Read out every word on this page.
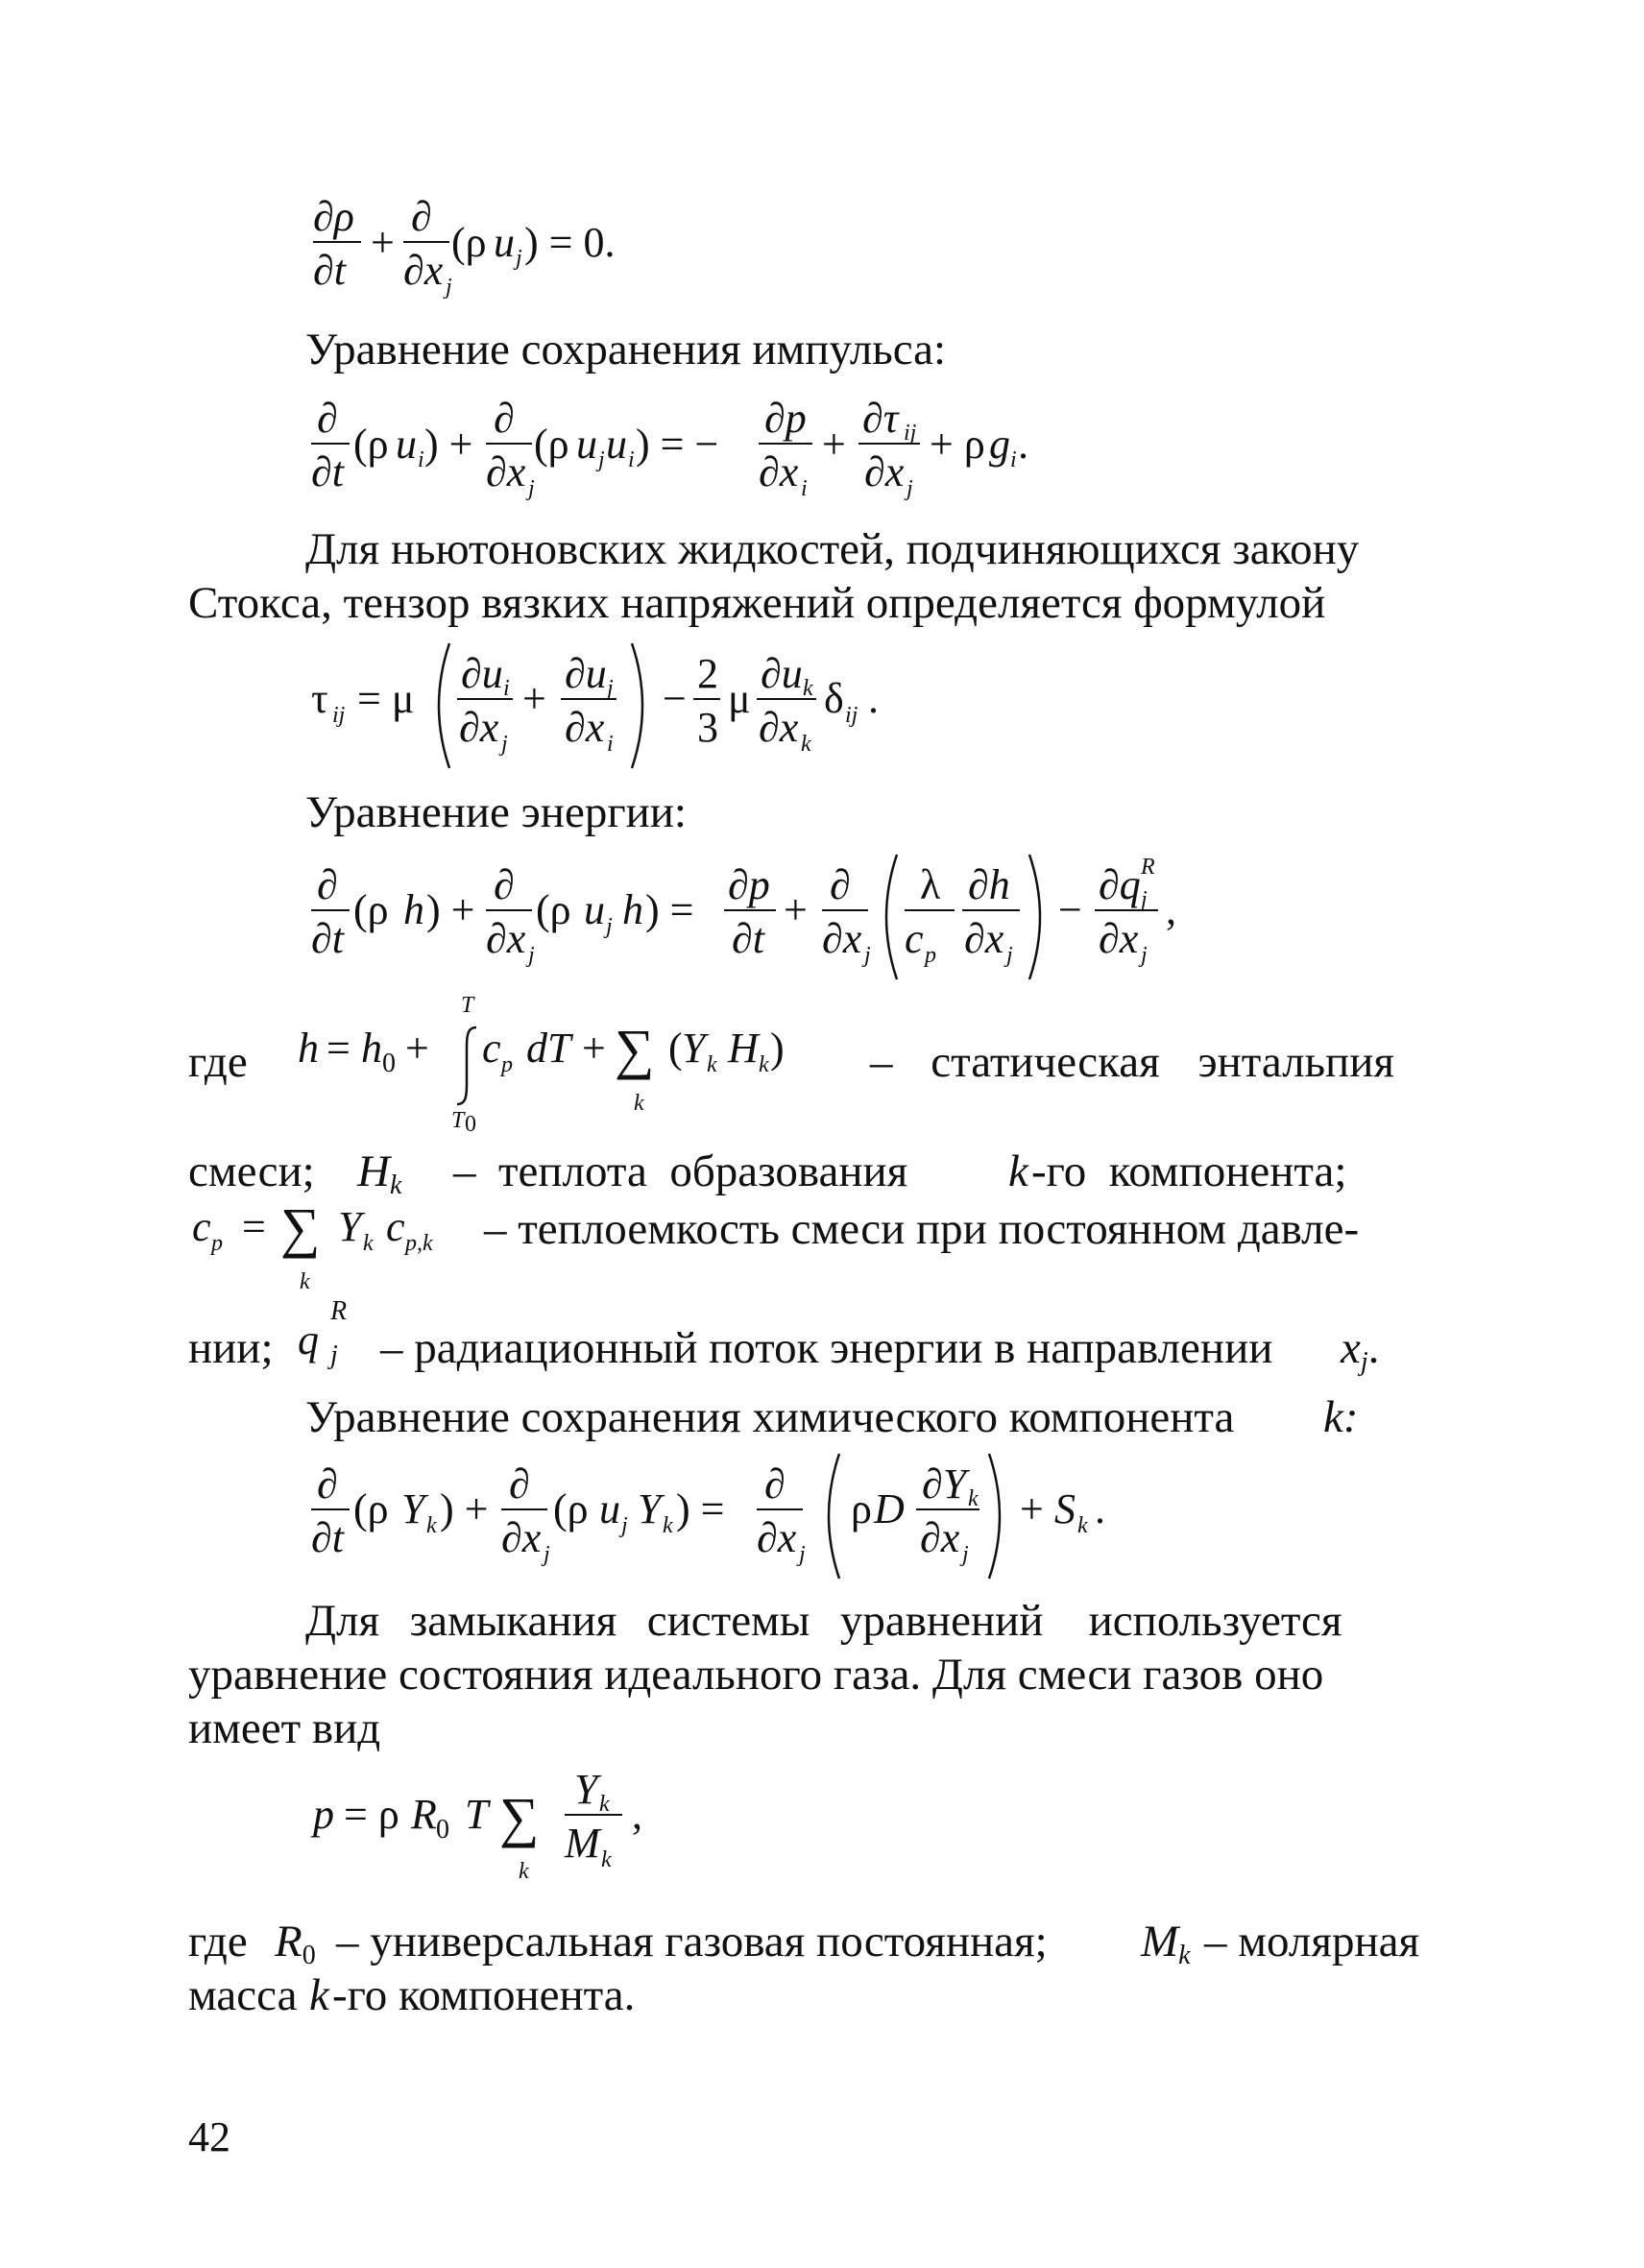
∂ρ
∂t
+
∂
∂x j
(ρ u j ) = 0.
Уравнение сохранения импульса:
∂
∂t
(ρ u i ) +
∂
∂x j
(ρ u j u i ) = −
∂p
∂x i
+
∂τ ij
∂x j
+ ρ g i .
Для ньютоновских жидкостей, подчиняющихся закону
Стокса, тензор вязких напряжений определяется формулой
τ ij = μ
∂u i
∂x j
+
∂u j
∂x i
−
2
3
μ
∂u k
∂x k
δ ij .
Уравнение энергии:
∂
∂t
(ρ h ) +
∂
∂x j
(ρ u j h ) =
∂p
∂t
+
∂
∂x j
λ
c p
∂h
∂x j
−
∂q R
j
∂x j
,
где h = h 0 +
T
T 0
c p dT + ∑
k
( Y k H k ) – статическая энтальпия
смеси; Hk –  теплота  образования k -го  компонента;
c p = ∑
k
Y k c p,k – теплоемкость смеси при постоянном давле-
нии; q
R
j – радиационный поток энергии в направлении xj.
Уравнение сохранения химического компонента k:
∂
∂t
(ρ Y k ) +
∂
∂x j
(ρ u j Y k ) =
∂
∂x j
ρ D
∂Y k
∂x j
+ S k .
Для  замыкания  системы  уравнений   используется
уравнение состояния идеального газа. Для смеси газов оно
имеет вид
p = ρ R 0 T ∑
k
Y k
M k
,
где R0 – универсальная газовая постоянная; Mk – молярная
масса k -го компонента.
42
